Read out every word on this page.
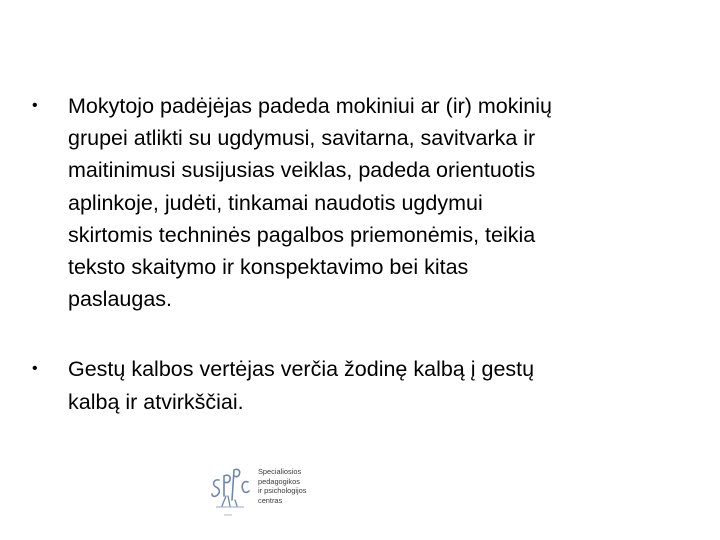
• Mokytojo padėjėjas padeda mokiniui ar (ir) mokinių
grupei atlikti su ugdymusi, savitarna, savitvarka ir
maitinimusi susijusias veiklas, padeda orientuotis
aplinkoje, judėti, tinkamai naudotis ugdymui
skirtomis techninės pagalbos priemonėmis, teikia
teksto skaitymo ir konspektavimo bei kitas
paslaugas.
• Gestų kalbos vertėjas verčia žodinę kalbą į gestų
kalbą ir atvirkščiai.
Specialiosios
pedagogikos
ir psichologijos
centras
